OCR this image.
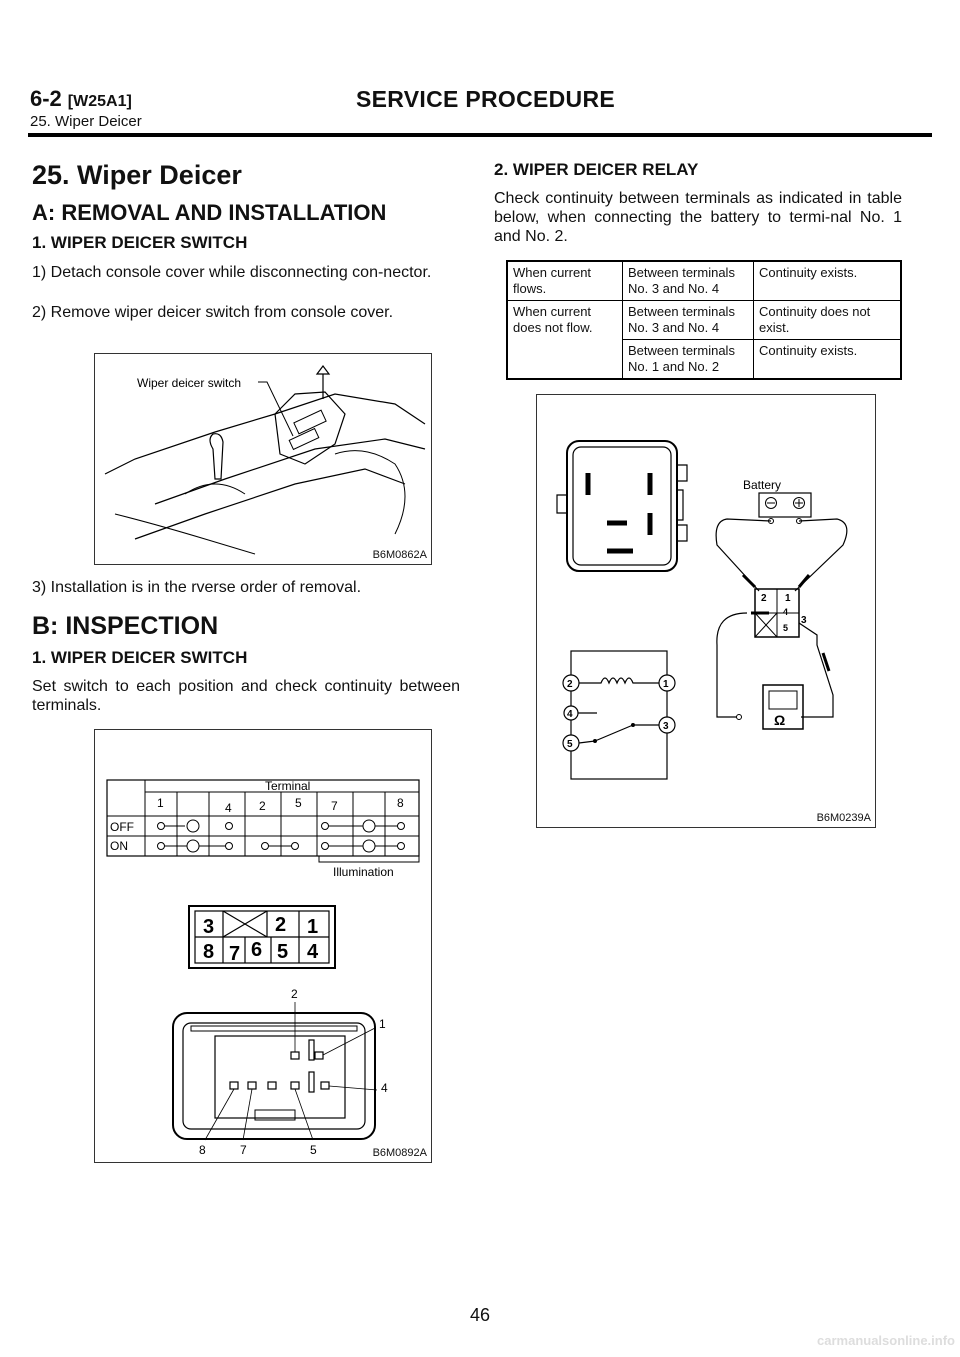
6-2 [W25A1]	SERVICE PROCEDURE
25. Wiper Deicer
25. Wiper Deicer
A: REMOVAL AND INSTALLATION
1. WIPER DEICER SWITCH
1) Detach console cover while disconnecting con-nector.
2) Remove wiper deicer switch from console cover.
Wiper deicer switch
B6M0862A
3) Installation is in the rverse order of removal.
B: INSPECTION
1. WIPER DEICER SWITCH
Set switch to each position and check continuity between terminals.
Terminal
1	4 2 5 7	8
OFF
ON
Illumination
3	2 1
8 7 6 5 4
2
1
4
8	7	5	B6M0892A
2. WIPER DEICER RELAY
Check continuity between terminals as indicated in table below, when connecting the battery to termi-nal No. 1 and No. 2.
When current flows.	Between terminals No. 3 and No. 4	Continuity exists.
When current does not flow.	Between terminals No. 3 and No. 4	Continuity does not exist.
	Between terminals No. 1 and No. 2	Continuity exists.
Battery
2 1
4
3
5
Ω
2	1
4
3
5
B6M0239A
46
carmanualsonline.info
